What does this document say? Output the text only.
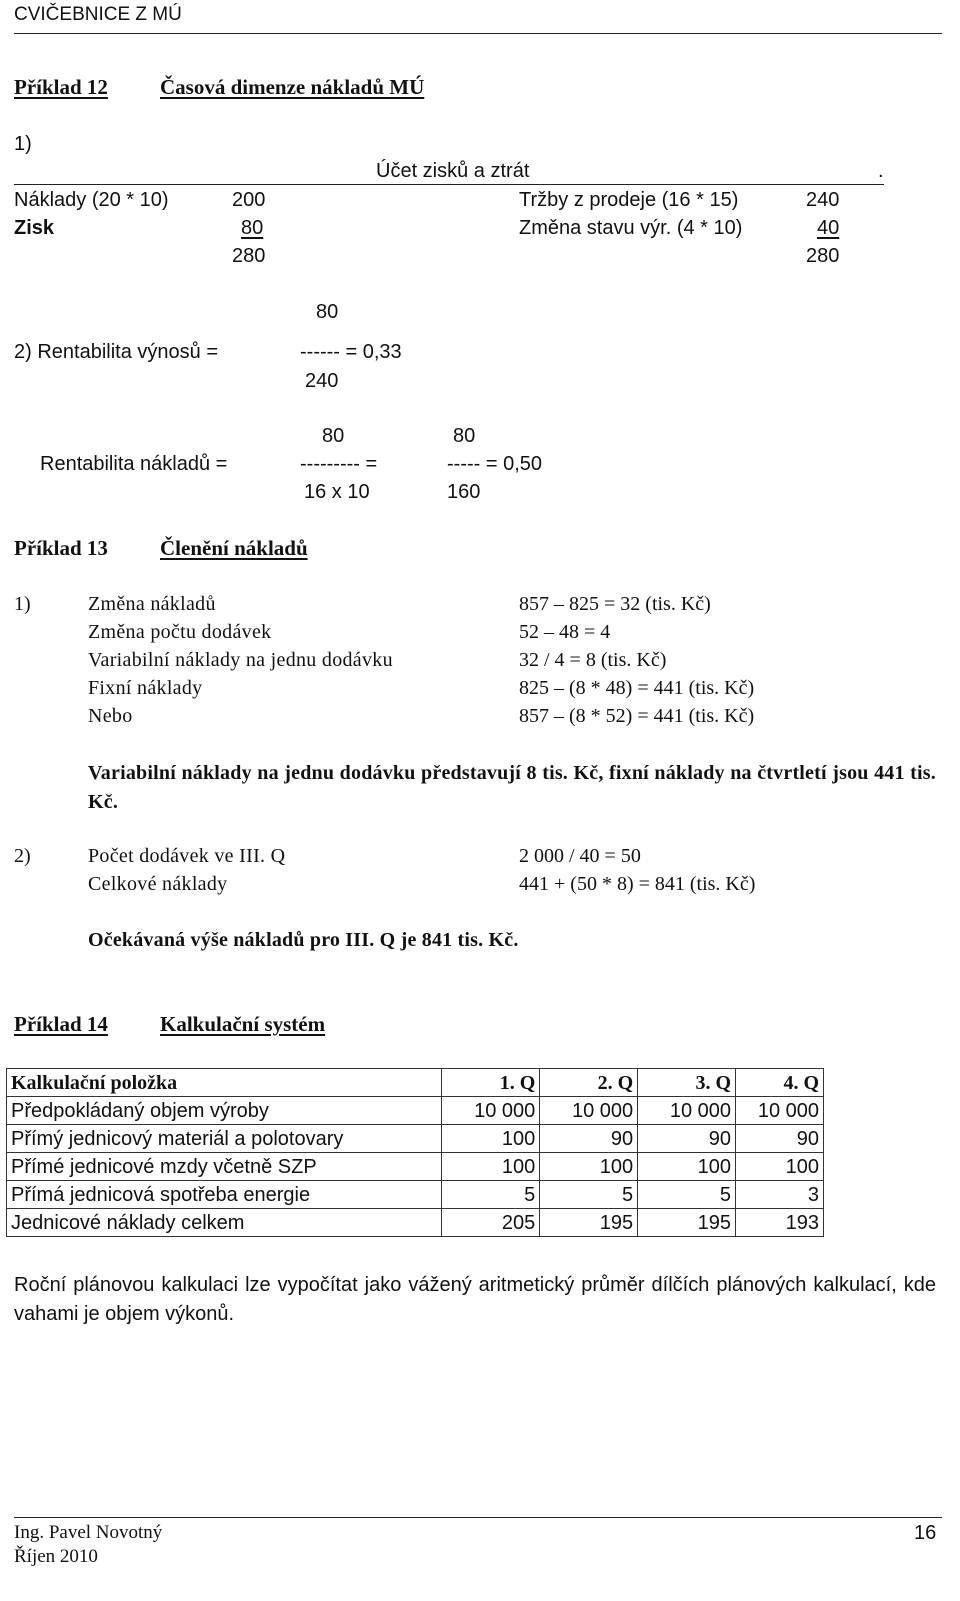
CVIČEBNICE Z MÚ
Příklad 12 Časová dimenze nákladů MÚ
1)
Účet zisků a ztrát	.
Náklady (20 * 10)	200	Tržby z prodeje (16 * 15)	240
Zisk	80	Změna stavu výr. (4 * 10)	40
280	280
80
2) Rentabilita výnosů =	------ = 0,33
240
80	80
Rentabilita nákladů =	--------- =	----- = 0,50
16 x 10	160
Příklad 13 Členění nákladů
1)	Změna nákladů	857 – 825 = 32 (tis. Kč)
Změna počtu dodávek	52 – 48 = 4
Variabilní náklady na jednu dodávku	32 / 4 = 8 (tis. Kč)
Fixní náklady	825 – (8 * 48) = 441 (tis. Kč)
Nebo	857 – (8 * 52) = 441 (tis. Kč)
Variabilní náklady na jednu dodávku představují 8 tis. Kč, fixní náklady na čtvrtletí jsou 441 tis. Kč.
2)	Počet dodávek ve III. Q	2 000 / 40 = 50
Celkové náklady	441 + (50 * 8) = 841 (tis. Kč)
Očekávaná výše nákladů pro III. Q je 841 tis. Kč.
Příklad 14 Kalkulační systém
Kalkulační položka	1. Q	2. Q	3. Q	4. Q
Předpokládaný objem výroby	10 000	10 000	10 000	10 000
Přímý jednicový materiál a polotovary	100	90	90	90
Přímé jednicové mzdy včetně SZP	100	100	100	100
Přímá jednicová spotřeba energie	5	5	5	3
Jednicové náklady celkem	205	195	195	193
Roční plánovou kalkulaci lze vypočítat jako vážený aritmetický průměr dílčích plánových kalkulací, kde vahami je objem výkonů.
Ing. Pavel Novotný
Říjen 2010
16
